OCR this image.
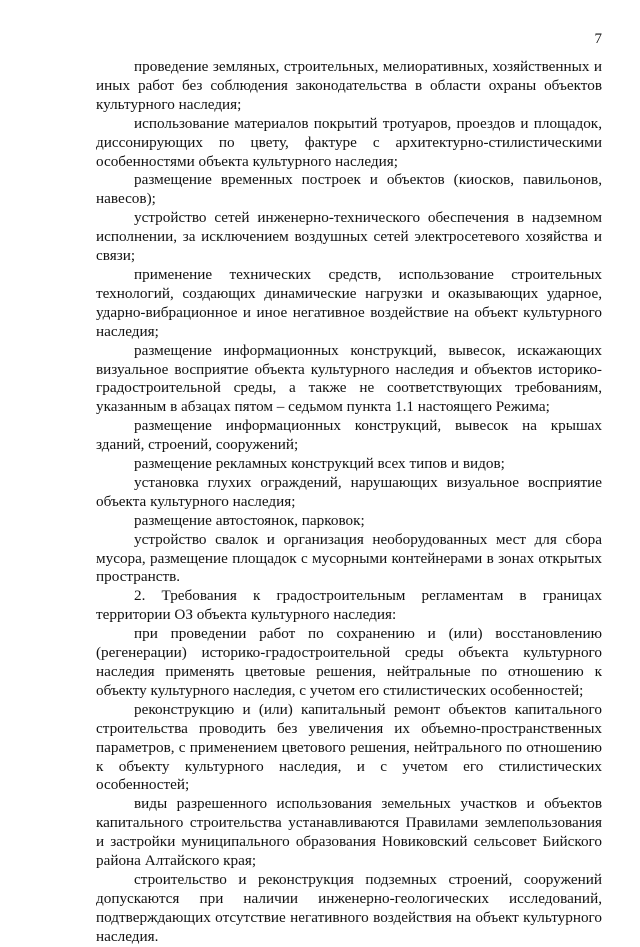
7

проведение земляных, строительных, мелиоративных, хозяйственных и иных работ без соблюдения законодательства в области охраны объектов культурного наследия;

использование материалов покрытий тротуаров, проездов и площадок, диссонирующих по цвету, фактуре с архитектурно-стилистическими особенностями объекта культурного наследия;

размещение временных построек и объектов (киосков, павильонов, навесов);

устройство сетей инженерно-технического обеспечения в надземном исполнении, за исключением воздушных сетей электросетевого хозяйства и связи;

применение технических средств, использование строительных технологий, создающих динамические нагрузки и оказывающих ударное, ударно-вибрационное и иное негативное воздействие на объект культурного наследия;

размещение информационных конструкций, вывесок, искажающих визуальное восприятие объекта культурного наследия и объектов историко-градостроительной среды, а также не соответствующих требованиям, указанным в абзацах пятом – седьмом пункта 1.1 настоящего Режима;

размещение информационных конструкций, вывесок на крышах зданий, строений, сооружений;

размещение рекламных конструкций всех типов и видов;

установка глухих ограждений, нарушающих визуальное восприятие объекта культурного наследия;

размещение автостоянок, парковок;

устройство свалок и организация необорудованных мест для сбора мусора, размещение площадок с мусорными контейнерами в зонах открытых пространств.

2. Требования к градостроительным регламентам в границах территории ОЗ объекта культурного наследия:

при проведении работ по сохранению и (или) восстановлению (регенерации) историко-градостроительной среды объекта культурного наследия применять цветовые решения, нейтральные по отношению к объекту культурного наследия, с учетом его стилистических особенностей;

реконструкцию и (или) капитальный ремонт объектов капитального строительства проводить без увеличения их объемно-пространственных параметров, с применением цветового решения, нейтрального по отношению к объекту культурного наследия, и с учетом его стилистических особенностей;

виды разрешенного использования земельных участков и объектов капитального строительства устанавливаются Правилами землепользования и застройки муниципального образования Новиковский сельсовет Бийского района Алтайского края;

строительство и реконструкция подземных строений, сооружений допускаются при наличии инженерно-геологических исследований, подтверждающих отсутствие негативного воздействия на объект культурного наследия.
